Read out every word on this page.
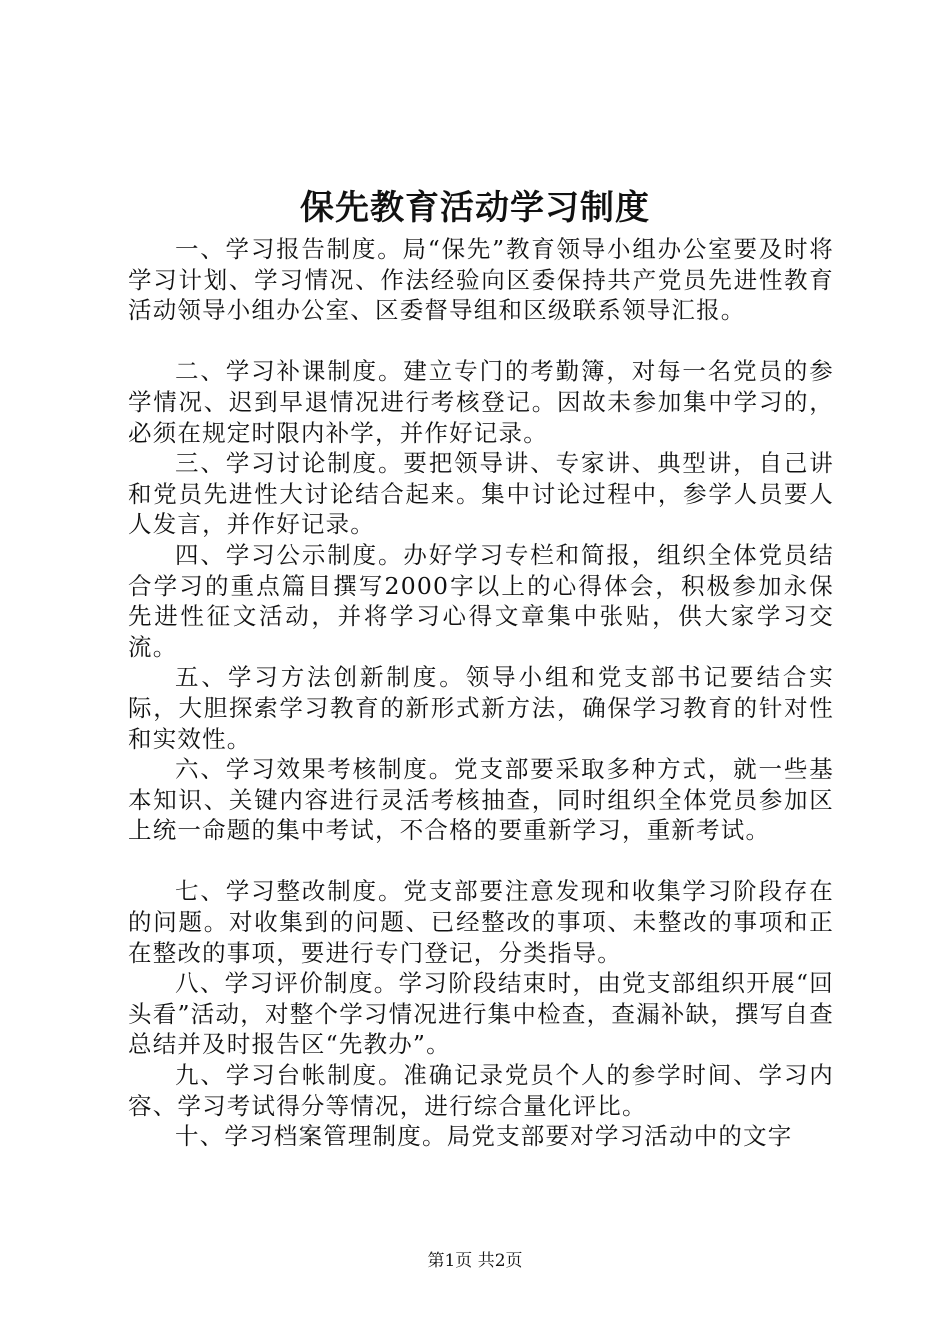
保先教育活动学习制度

一、学习报告制度。局“保先”教育领导小组办公室要及时将学习计划、学习情况、作法经验向区委保持共产党员先进性教育活动领导小组办公室、区委督导组和区级联系领导汇报。

二、学习补课制度。建立专门的考勤簿，对每一名党员的参学情况、迟到早退情况进行考核登记。因故未参加集中学习的，必须在规定时限内补学，并作好记录。

三、学习讨论制度。要把领导讲、专家讲、典型讲，自己讲和党员先进性大讨论结合起来。集中讨论过程中，参学人员要人人发言，并作好记录。

四、学习公示制度。办好学习专栏和简报，组织全体党员结合学习的重点篇目撰写2000字以上的心得体会，积极参加永保先进性征文活动，并将学习心得文章集中张贴，供大家学习交流。

五、学习方法创新制度。领导小组和党支部书记要结合实际，大胆探索学习教育的新形式新方法，确保学习教育的针对性和实效性。

六、学习效果考核制度。党支部要采取多种方式，就一些基本知识、关键内容进行灵活考核抽查，同时组织全体党员参加区上统一命题的集中考试，不合格的要重新学习，重新考试。

七、学习整改制度。党支部要注意发现和收集学习阶段存在的问题。对收集到的问题、已经整改的事项、未整改的事项和正在整改的事项，要进行专门登记，分类指导。

八、学习评价制度。学习阶段结束时，由党支部组织开展“回头看”活动，对整个学习情况进行集中检查，查漏补缺，撰写自查总结并及时报告区“先教办”。

九、学习台帐制度。准确记录党员个人的参学时间、学习内容、学习考试得分等情况，进行综合量化评比。

十、学习档案管理制度。局党支部要对学习活动中的文字

第1页 共2页
